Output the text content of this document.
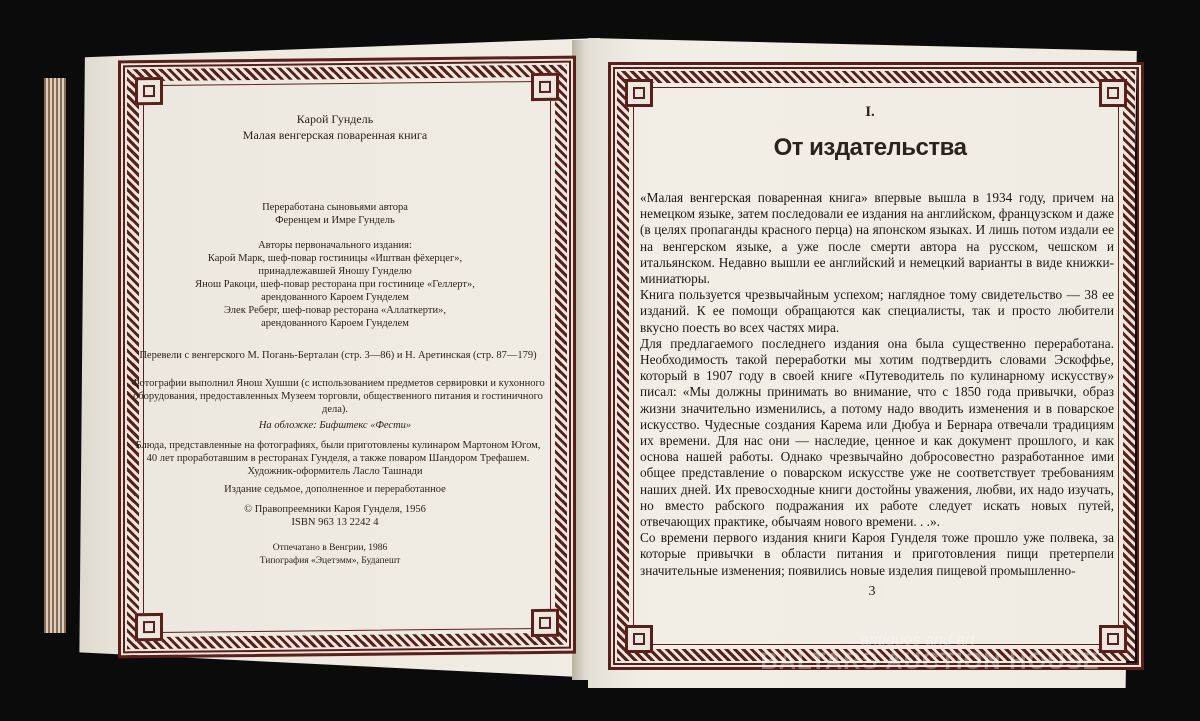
Карой Гундель
Малая венгерская поваренная книга
Переработана сыновьями автора
Ференцем и Имре Гундель
Авторы первоначального издания:
Карой Марк, шеф-повар гостиницы «Иштван фёхерцег»,
принадлежавшей Яношу Гунделю
Янош Ракоци, шеф-повар ресторана при гостинице «Геллерт»,
арендованного Кароем Гунделем
Элек Реберг, шеф-повар ресторана «Аллаткерти»,
арендованного Кароем Гунделем
Перевели с венгерского М. Погань-Берталан (стр. 3—86) и Н. Аретинская (стр. 87—179)
Фотографии выполнил Янош Хушши (с использованием предметов сервировки и кухонного
оборудования, предоставленных Музеем торговли, общественного питания и гостиничного
дела).
На обложке: Бифштекс «Фести»
Блюда, представленные на фотографиях, были приготовлены кулинаром Мартоном Югом,
40 лет проработавшим в ресторанах Гунделя, а также поваром Шандором Трефашем.
Художник-оформитель Ласло Ташнади
Издание седьмое, дополненное и переработанное
© Правопреемники Кароя Гунделя, 1956
ISBN 963 13 2242 4
Отпечатано в Венгрии, 1986
Типография «Эцетэмм», Будапешт
I.
От издательства

«Малая венгерская поваренная книга» впервые вышла в 1934 году, причем на немецком языке, затем последовали ее издания на английском, французском и даже (в целях пропаганды красного перца) на японском языках. И лишь потом издали ее на венгерском языке, а уже после смерти автора на русском, чешском и итальянском. Недавно вышли ее английский и немецкий варианты в виде книжки-миниатюры.

Книга пользуется чрезвычайным успехом; наглядное тому свидетельство — 38 ее изданий. К ее помощи обращаются как специалисты, так и просто любители вкусно поесть во всех частях мира.

Для предлагаемого последнего издания она была существенно переработана. Необходимость такой переработки мы хотим подтвердить словами Эскоффье, который в 1907 году в своей книге «Путеводитель по кулинарному искусству» писал: «Мы должны принимать во внимание, что с 1850 года привычки, образ жизни значительно изменились, а потому надо вводить изменения и в поварское искусство. Чудесные создания Карема или Дюбуа и Бернара отвечали традициям их времени. Для нас они — наследие, ценное и как документ прошлого, и как основа нашей работы. Однако чрезвычайно добросовестно разработанное ими общее представление о поварском искусстве уже не соответствует требованиям наших дней. Их превосходные книги достойны уважения, любви, их надо изучать, но вместо рабского подражания их работе следует искать новых путей, отвечающих практике, обычаям нового времени. . .».

Со времени первого издания книги Кароя Гунделя тоже прошло уже полвека, за которые привычки в области питания и приготовления пищи претерпели значительные изменения; появились новые изделия пищевой промышленно-

3
antiques and art
BALTARS AUCTION HOUSE
